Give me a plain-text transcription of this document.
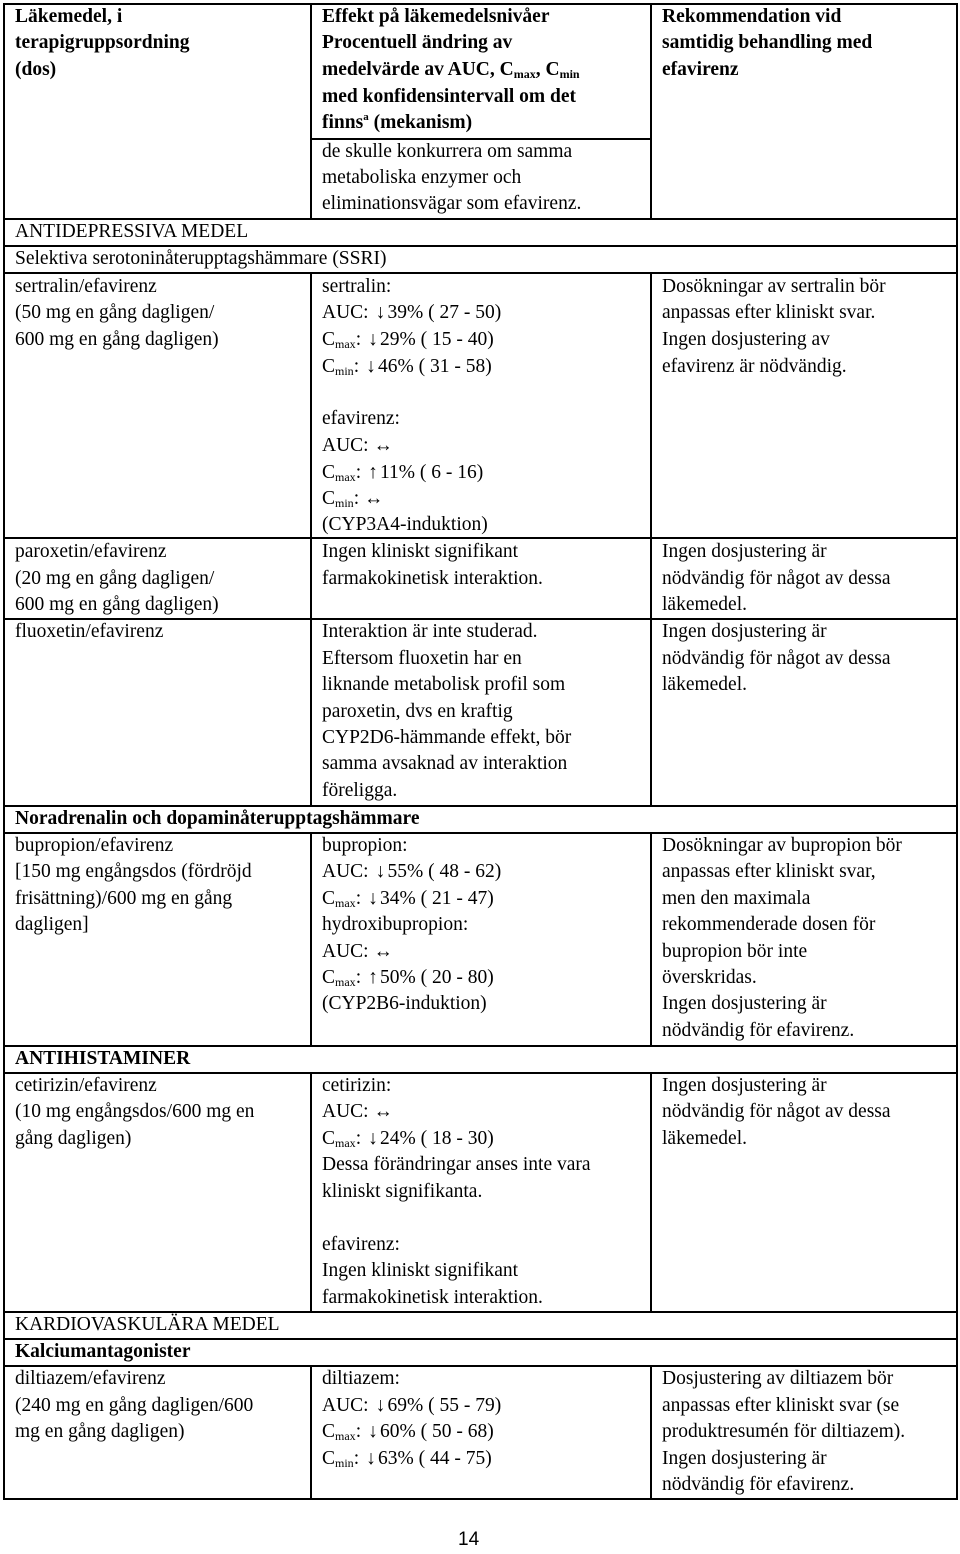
Läkemedel, i
terapigruppsordning
(dos)
Effekt på läkemedelsnivåer
Procentuell ändring av
medelvärde av AUC, $C_{max}$, $C_{min}$
med konfidensintervall om det
finns$^a$ (mekanism)
Rekommendation vid
samtidig behandling med
efavirenz
de skulle konkurrera om samma
metaboliska enzymer och
eliminationsvägar som efavirenz.
ANTIDEPRESSIVA MEDEL
Selektiva serotoninåterupptagshämmare (SSRI)
sertralin/efavirenz
(50 mg en gång dagligen/
600 mg en gång dagligen)
sertralin:
AUC: ↓ 39% ( 27 - 50)
$C_{max}$: ↓ 29% ( 15 - 40)
$C_{min}$: ↓ 46% ( 31 - 58)
efavirenz:
AUC: ↔
$C_{max}$: ↑ 11% ( 6 - 16)
$C_{min}$: ↔
(CYP3A4-induktion)
Dosökningar av sertralin bör
anpassas efter kliniskt svar.
Ingen dosjustering av
efavirenz är nödvändig.
paroxetin/efavirenz
(20 mg en gång dagligen/
600 mg en gång dagligen)
Ingen kliniskt signifikant
farmakokinetisk interaktion.
Ingen dosjustering är
nödvändig för något av dessa
läkemedel.
fluoxetin/efavirenz	Interaktion är inte studerad.
Eftersom fluoxetin har en
liknande metabolisk profil som
paroxetin, dvs en kraftig
CYP2D6-hämmande effekt, bör
samma avsaknad av interaktion
föreligga.
Ingen dosjustering är
nödvändig för något av dessa
läkemedel.
Noradrenalin och dopaminåterupptagshämmare
bupropion/efavirenz
[150 mg engångsdos (fördröjd
frisättning)/600 mg en gång
dagligen]
bupropion:
AUC: ↓ 55% ( 48 - 62)
$C_{max}$: ↓ 34% ( 21 - 47)
hydroxibupropion:
AUC: ↔
$C_{max}$: ↑ 50% ( 20 - 80)
(CYP2B6-induktion)
Dosökningar av bupropion bör
anpassas efter kliniskt svar,
men den maximala
rekommenderade dosen för
bupropion bör inte
överskridas.
Ingen dosjustering är
nödvändig för efavirenz.
ANTIHISTAMINER
cetirizin/efavirenz
(10 mg engångsdos/600 mg en
gång dagligen)
cetirizin:
AUC: ↔
$C_{max}$: ↓ 24% ( 18 - 30)
Dessa förändringar anses inte vara
kliniskt signifikanta.
efavirenz:
Ingen kliniskt signifikant
farmakokinetisk interaktion.
Ingen dosjustering är
nödvändig för något av dessa
läkemedel.
KARDIOVASKULÄRA MEDEL
Kalciumantagonister
diltiazem/efavirenz
(240 mg en gång dagligen/600
mg en gång dagligen)
diltiazem:
AUC: ↓ 69% ( 55 - 79)
$C_{max}$: ↓ 60% ( 50 - 68)
$C_{min}$: ↓ 63% ( 44 - 75)
Dosjustering av diltiazem bör
anpassas efter kliniskt svar (se
produktresumén för diltiazem).
Ingen dosjustering är
nödvändig för efavirenz.
14
